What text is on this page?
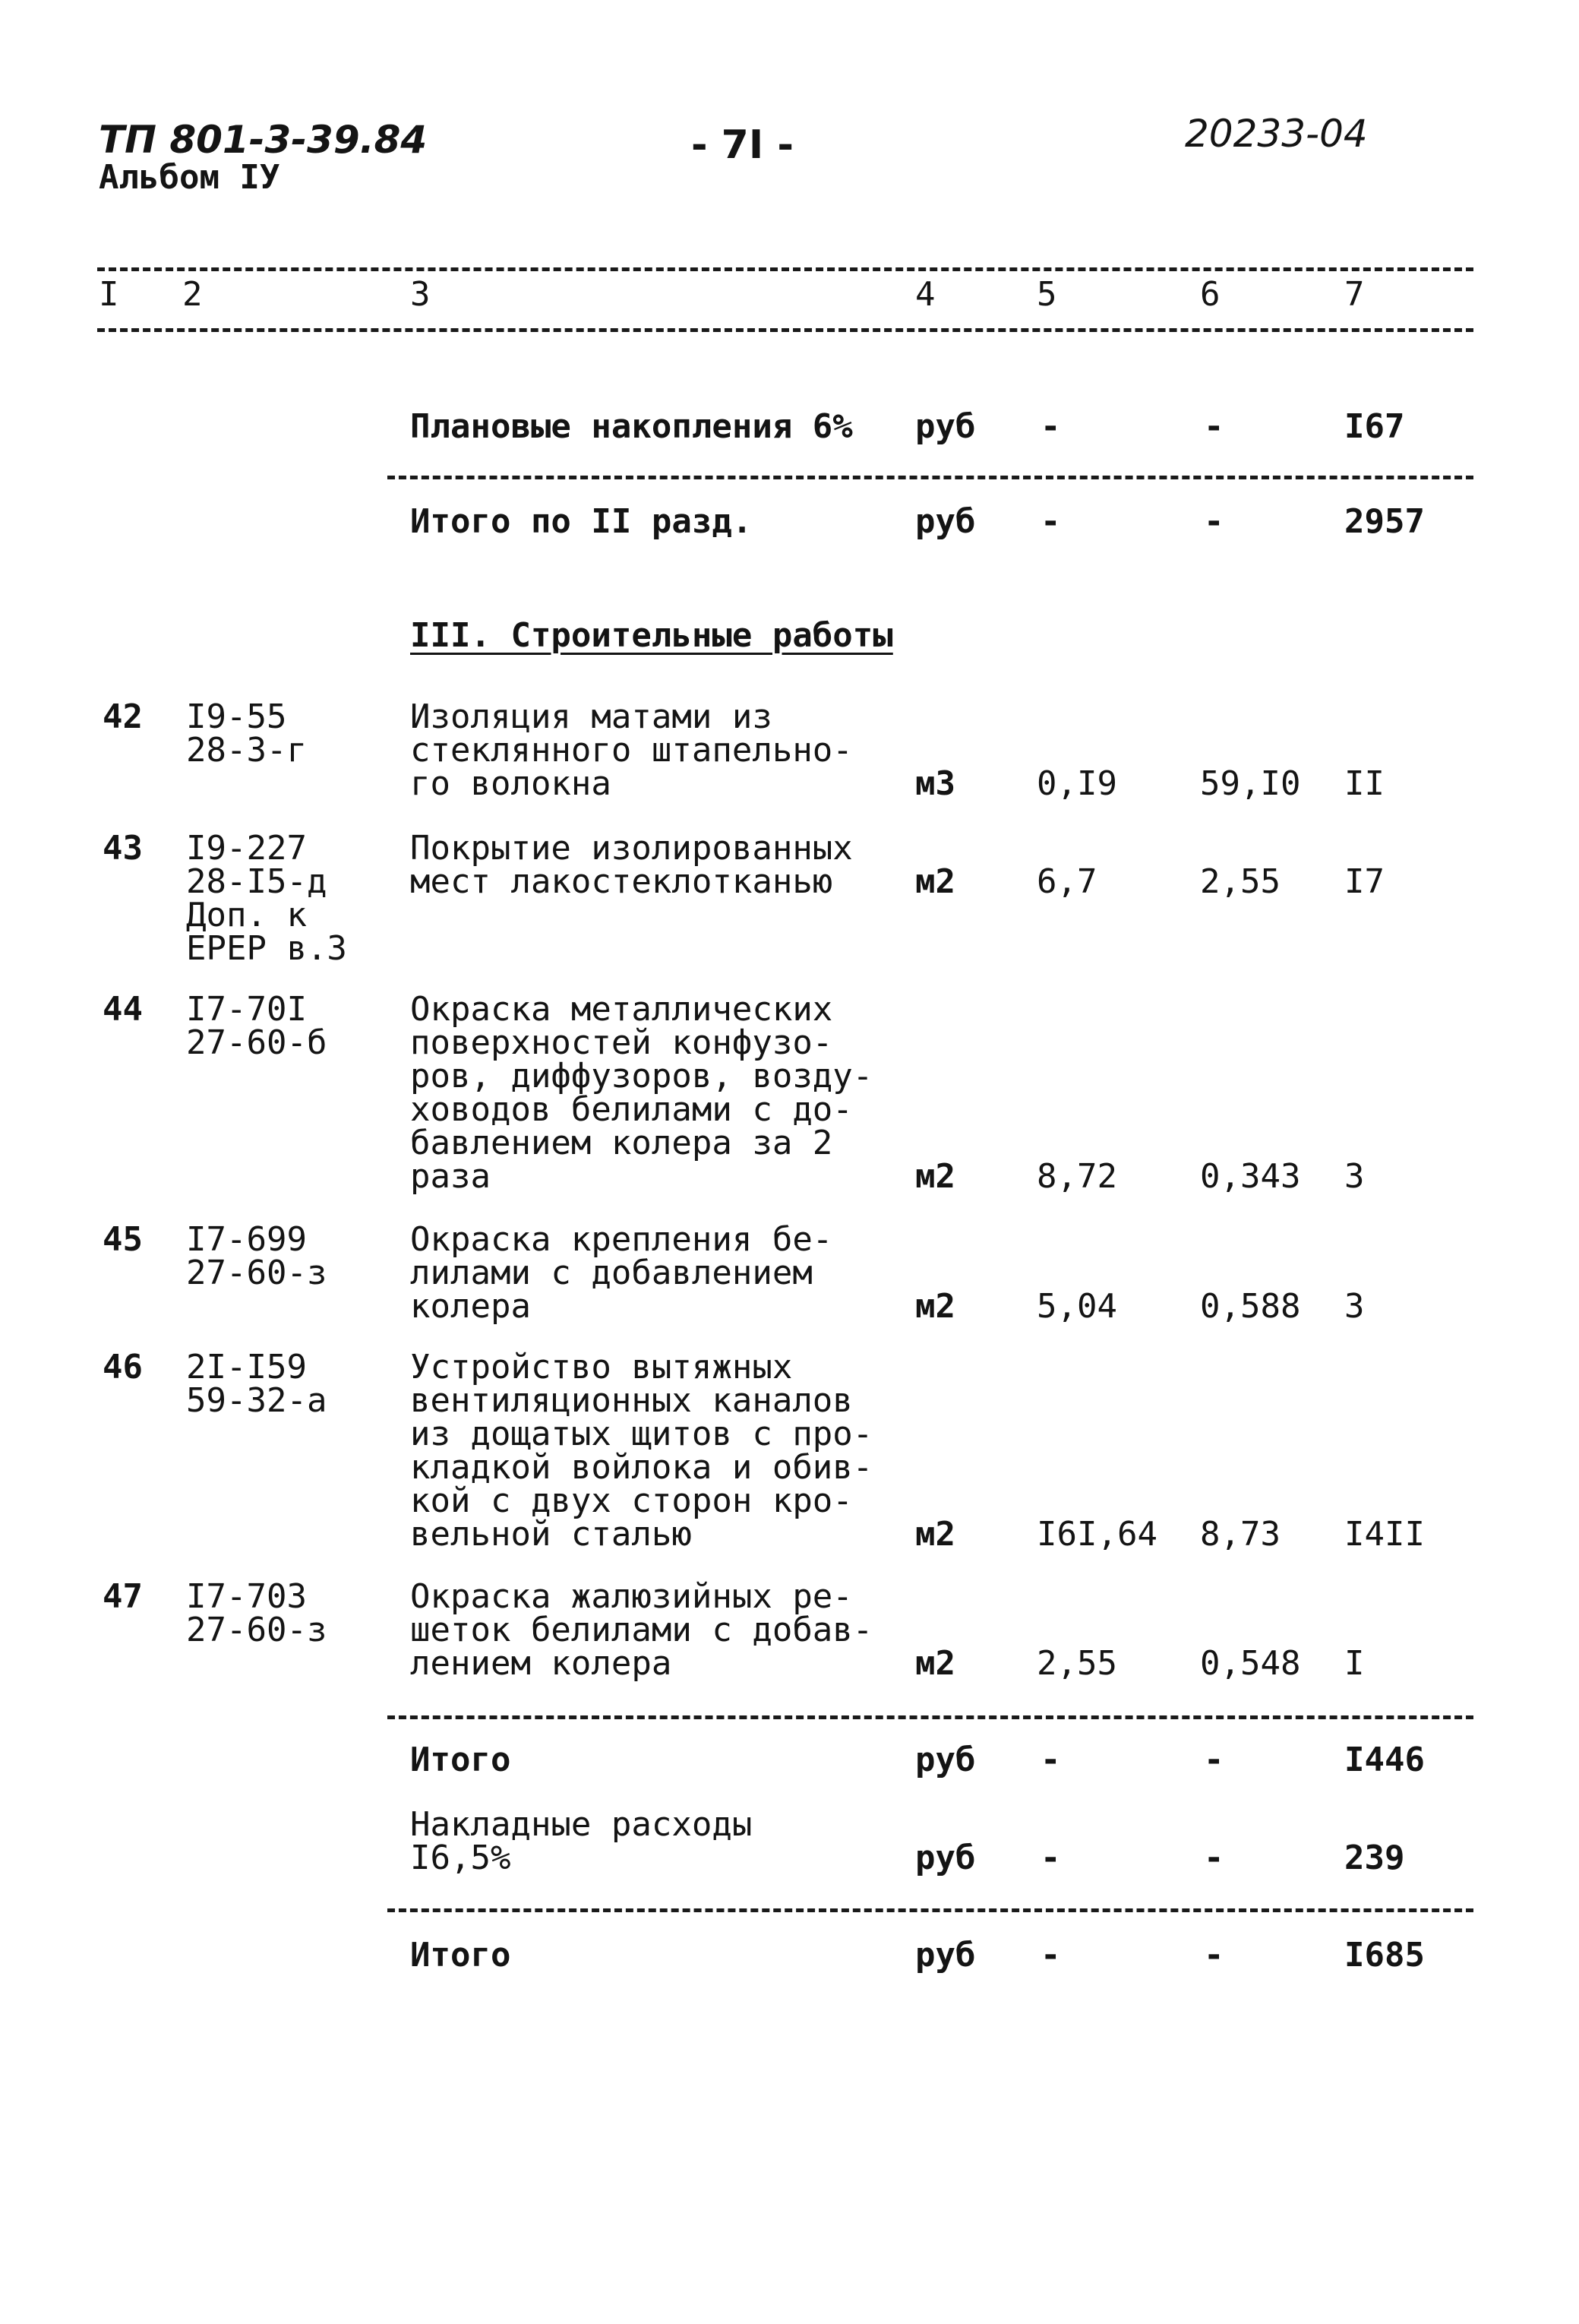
ТП 801-3-39.84
Альбом IУ
- 7I -	20233-04
I 2	3	4	5	6	7
Плановые накопления 6% руб -	-	I67
Итого по II разд.	руб -	-	2957
III. Строительные работы
42 I9-55
28-3-г
Изоляция матами из
стеклянного штапельно-
го волокна	м3 0,I9 59,I0 II
43 I9-227
28-I5-д
Доп. к
ЕРЕР в.3
Покрытие изолированных
мест лакостеклотканью	м2 6,7	2,55 I7
44 I7-70I
27-60-б
Окраска металлических
поверхностей конфузо-
ров, диффузоров, возду-
ховодов белилами с до-
бавлением колера за 2
раза	м2 8,72 0,343 3
45 I7-699
27-60-з
Окраска крепления бе-
лилами с добавлением
колера	м2 5,04 0,588 3
46 2I-I59
59-32-а
Устройство вытяжных
вентиляционных каналов
из дощатых щитов с про-
кладкой войлока и обив-
кой с двух сторон кро-
вельной сталью	м2 I6I,64 8,73 I4II
47 I7-703
27-60-з
Окраска жалюзийных ре-
шеток белилами с добав-
лением колера	м2 2,55 0,548 I
Итого	руб -	-	I446
Накладные расходы
I6,5%	руб -	-	239
Итого	руб -	-	I685
